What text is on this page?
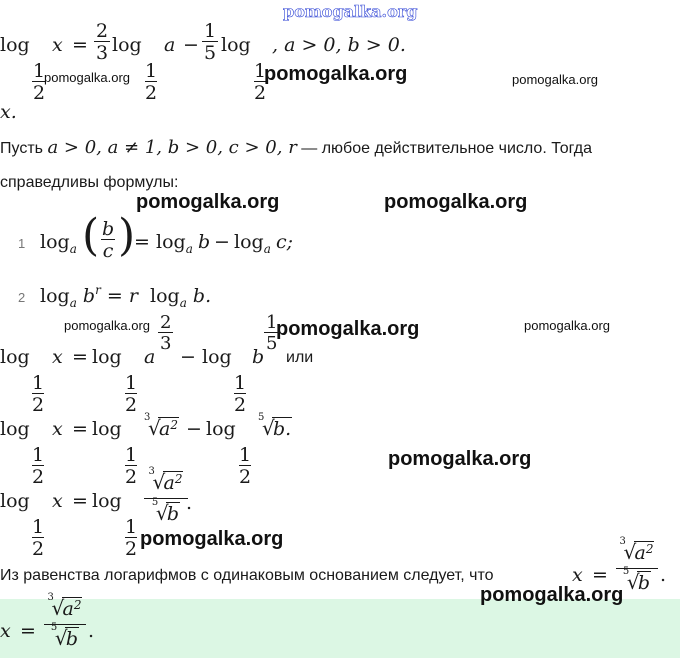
pomogalka.org
log
$\frac{1}{2}$
$x = \frac{2}{3}$ log
$\frac{1}{2}$
$a - \frac{1}{5}$ log
$\frac{1}{2}$
, a > 0, b > 0.
pomogalka.org	pomogalka.org	pomogalka.org
x.
Пусть a > 0, a ≠ 1, b > 0, c > 0, r — любое действительное число. Тогда
справедливы формулы:
pomogalka.org	pomogalka.org
1 $\log_a$ ( $\frac{b}{c}$ )
= $\log_a b - \log_a c$;
2 $\log_a b^r = r$ $\log_a b$.
pomogalka.org	pomogalka.org	pomogalka.org
log
$\frac{1}{2}$
x = log
$\frac{1}{2}$
a
$\frac{2}{3}$
− log
$\frac{1}{2}$
b
$\frac{1}{5}$
или
log
$\frac{1}{2}$
x = log
$\frac{1}{2}$
3
√
$a^2 - \log$
$\frac{1}{2}$
5
√
b.
pomogalka.org
log
$\frac{1}{2}$
x = log
$\frac{1}{2}$
3
√
$a^2$
5
√
b .
pomogalka.org
Из равенства логарифмов с одинаковым основанием следует, что	x =
3
√
$a^2$
5
√
b .
x =
3
√
$a^2$
5
√
b .
pomogalka.org
